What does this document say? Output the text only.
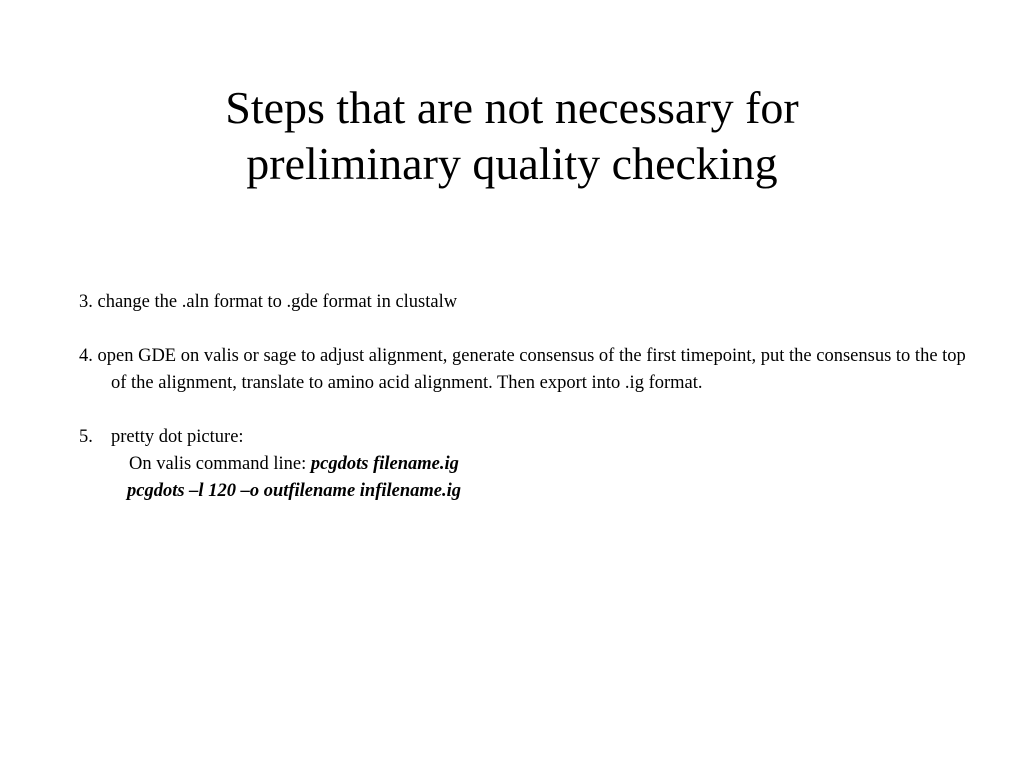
Steps that are not necessary for
preliminary quality checking
3. change the .aln format to .gde format in clustalw
4. open GDE on valis or sage to adjust alignment, generate consensus of the first timepoint, put the consensus to the top of the alignment, translate to amino acid alignment. Then export into .ig format.
5. pretty dot picture:
On valis command line: pcgdots filename.ig
pcgdots –l 120 –o outfilename infilename.ig
